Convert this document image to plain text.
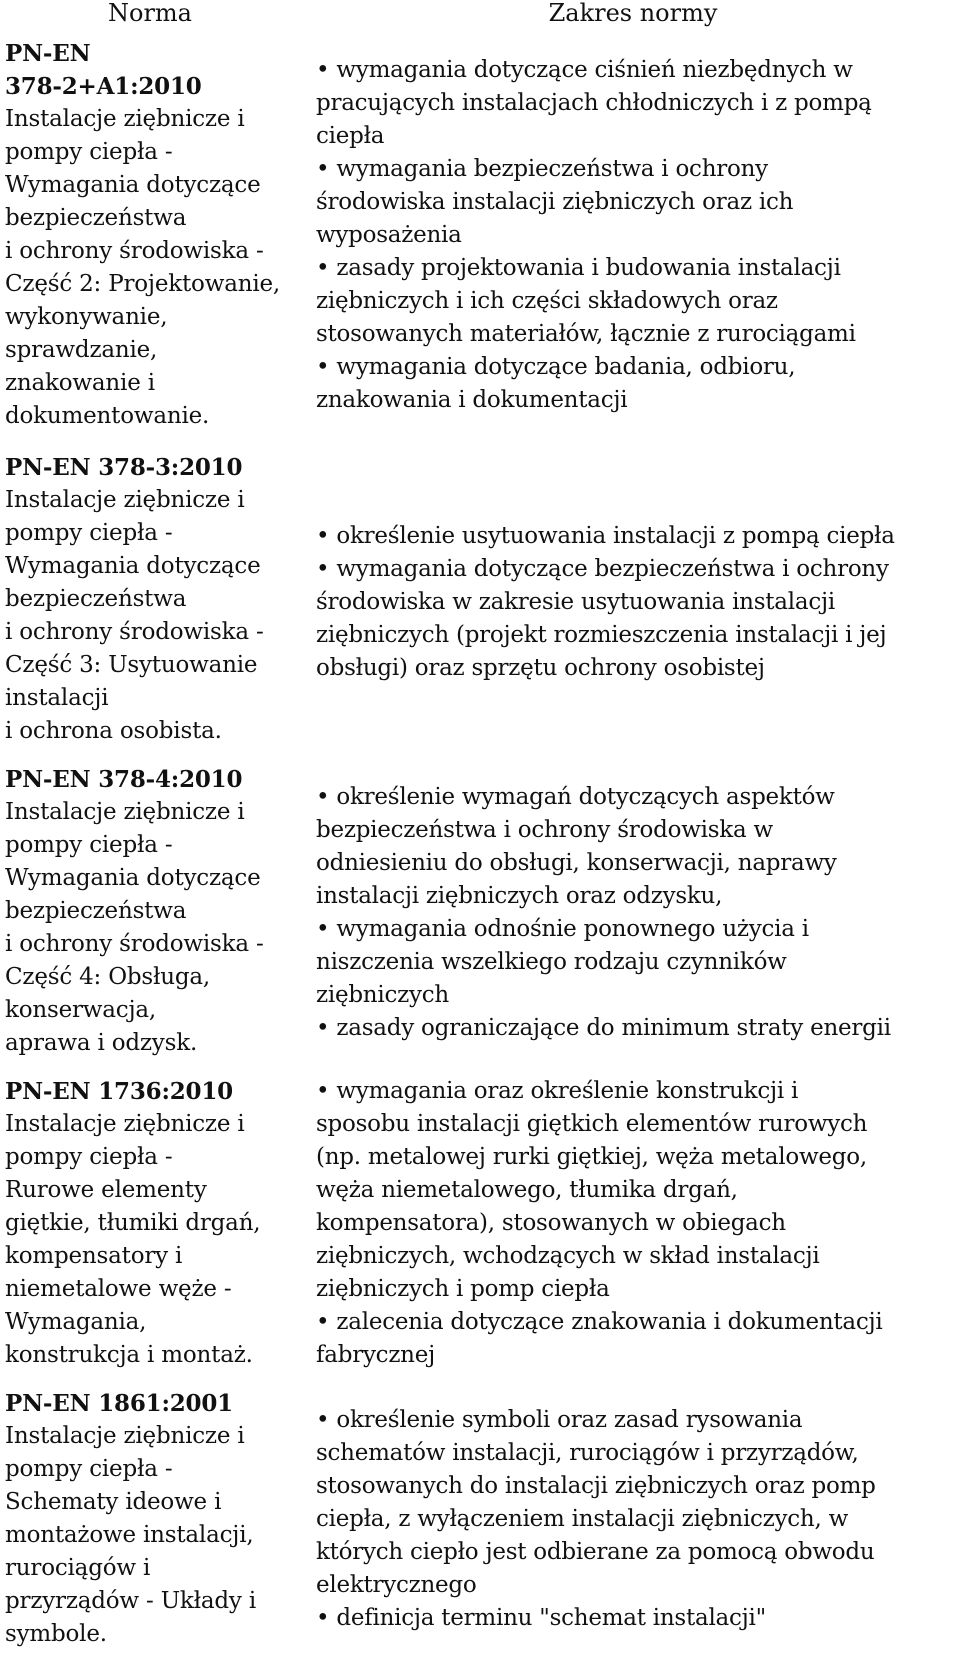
Norma	Zakres normy
PN-EN
378-2+A1:2010
Instalacje ziębnicze i
pompy ciepła -
Wymagania dotyczące
bezpieczeństwa
i ochrony środowiska -
Część 2: Projektowanie,
wykonywanie,
sprawdzanie,
znakowanie i
dokumentowanie.
• wymagania dotyczące ciśnień niezbędnych w
pracujących instalacjach chłodniczych i z pompą
ciepła
• wymagania bezpieczeństwa i ochrony
środowiska instalacji ziębniczych oraz ich
wyposażenia
• zasady projektowania i budowania instalacji
ziębniczych i ich części składowych oraz
stosowanych materiałów, łącznie z rurociągami
• wymagania dotyczące badania, odbioru,
znakowania i dokumentacji
PN-EN 378-3:2010
Instalacje ziębnicze i
pompy ciepła -
Wymagania dotyczące
bezpieczeństwa
i ochrony środowiska -
Część 3: Usytuowanie
instalacji
i ochrona osobista.
• określenie usytuowania instalacji z pompą ciepła
• wymagania dotyczące bezpieczeństwa i ochrony
środowiska w zakresie usytuowania instalacji
ziębniczych (projekt rozmieszczenia instalacji i jej
obsługi) oraz sprzętu ochrony osobistej
PN-EN 378-4:2010
Instalacje ziębnicze i
pompy ciepła -
Wymagania dotyczące
bezpieczeństwa
i ochrony środowiska -
Część 4: Obsługa,
konserwacja,
aprawa i odzysk.
• określenie wymagań dotyczących aspektów
bezpieczeństwa i ochrony środowiska w
odniesieniu do obsługi, konserwacji, naprawy
instalacji ziębniczych oraz odzysku,
• wymagania odnośnie ponownego użycia i
niszczenia wszelkiego rodzaju czynników
ziębniczych
• zasady ograniczające do minimum straty energii
PN-EN 1736:2010
Instalacje ziębnicze i
pompy ciepła -
Rurowe elementy
giętkie, tłumiki drgań,
kompensatory i
niemetalowe węże -
Wymagania,
konstrukcja i montaż.
• wymagania oraz określenie konstrukcji i
sposobu instalacji giętkich elementów rurowych
(np. metalowej rurki giętkiej, węża metalowego,
węża niemetalowego, tłumika drgań,
kompensatora), stosowanych w obiegach
ziębniczych, wchodzących w skład instalacji
ziębniczych i pomp ciepła
• zalecenia dotyczące znakowania i dokumentacji
fabrycznej
PN-EN 1861:2001
Instalacje ziębnicze i
pompy ciepła -
Schematy ideowe i
montażowe instalacji,
rurociągów i
przyrządów - Układy i
symbole.
• określenie symboli oraz zasad rysowania
schematów instalacji, rurociągów i przyrządów,
stosowanych do instalacji ziębniczych oraz pomp
ciepła, z wyłączeniem instalacji ziębniczych, w
których ciepło jest odbierane za pomocą obwodu
elektrycznego
• definicja terminu "schemat instalacji"
